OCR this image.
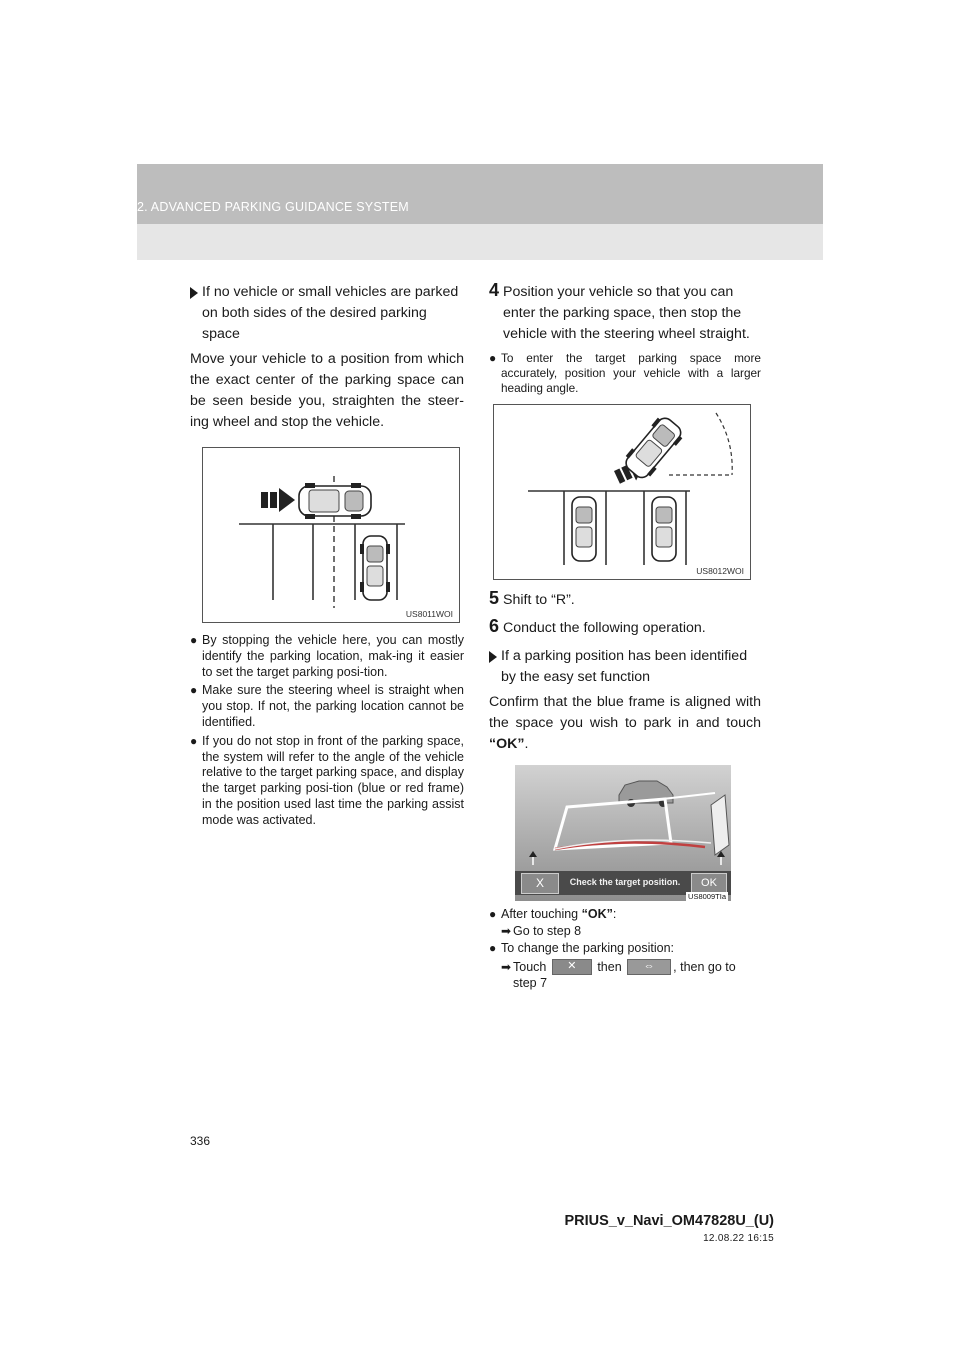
2. ADVANCED PARKING GUIDANCE SYSTEM

If no vehicle or small vehicles are parked on both sides of the desired parking space

Move your vehicle to a position from which the exact center of the parking space can be seen beside you, straighten the steer-ing wheel and stop the vehicle.

US8011WOI

● By stopping the vehicle here, you can mostly identify the parking location, mak-ing it easier to set the target parking posi-tion.

● Make sure the steering wheel is straight when you stop. If not, the parking location cannot be identified.

● If you do not stop in front of the parking space, the system will refer to the angle of the vehicle relative to the target parking space, and display the target parking posi-tion (blue or red frame) in the position used last time the parking assist mode was activated.

4 Position your vehicle so that you can enter the parking space, then stop the vehicle with the steering wheel straight.

● To enter the target parking space more accurately, position your vehicle with a larger heading angle.

US8012WOI

5 Shift to “R”.

6 Conduct the following operation.

If a parking position has been identified by the easy set function

Confirm that the blue frame is aligned with the space you wish to park in and touch “OK”.

X	Check the target position.	OK
US8009TIa

● After touching “OK”:

➡ Go to step 8

● To change the parking position:

➡ Touch	✕	then	⇔	, then go to step 7

336
PRIUS_v_Navi_OM47828U_(U)
12.08.22 16:15
